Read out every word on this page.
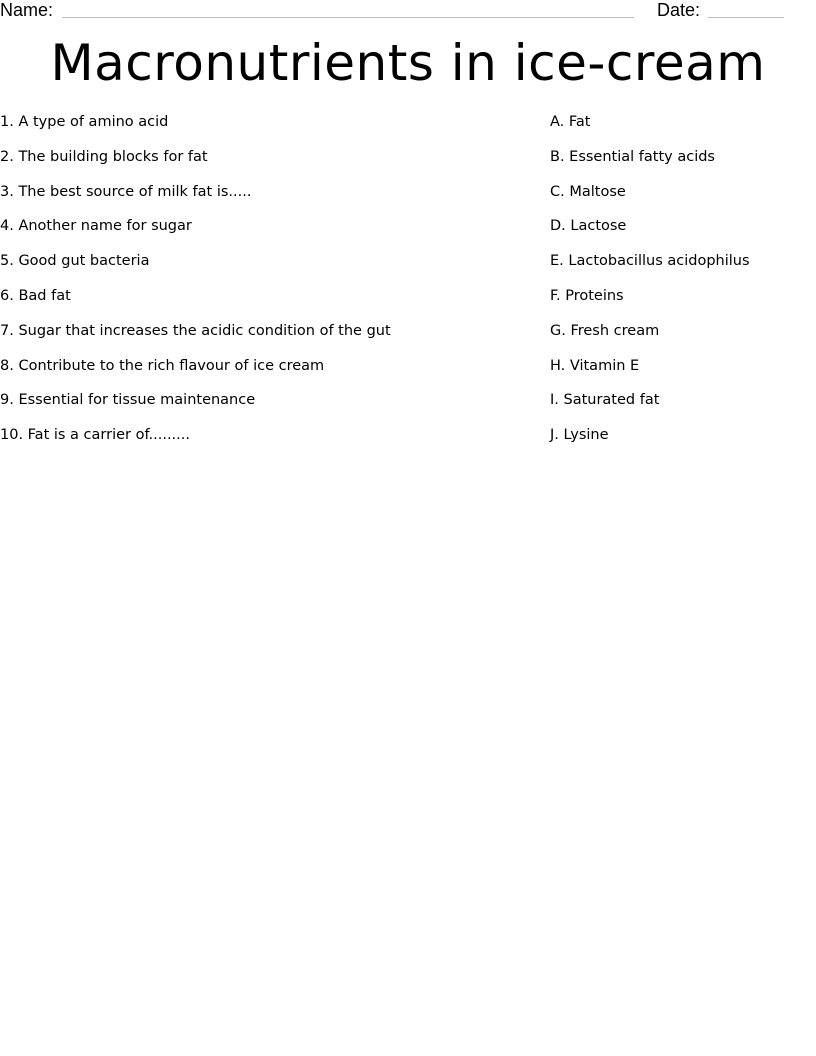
Name:	Date:
Macronutrients in ice-cream
1. A type of amino acid
2. The building blocks for fat
3. The best source of milk fat is.....
4. Another name for sugar
5. Good gut bacteria
6. Bad fat
7. Sugar that increases the acidic condition of the gut
8. Contribute to the rich flavour of ice cream
9. Essential for tissue maintenance
10. Fat is a carrier of.........
A. Fat
B. Essential fatty acids
C. Maltose
D. Lactose
E. Lactobacillus acidophilus
F. Proteins
G. Fresh cream
H. Vitamin E
I. Saturated fat
J. Lysine
